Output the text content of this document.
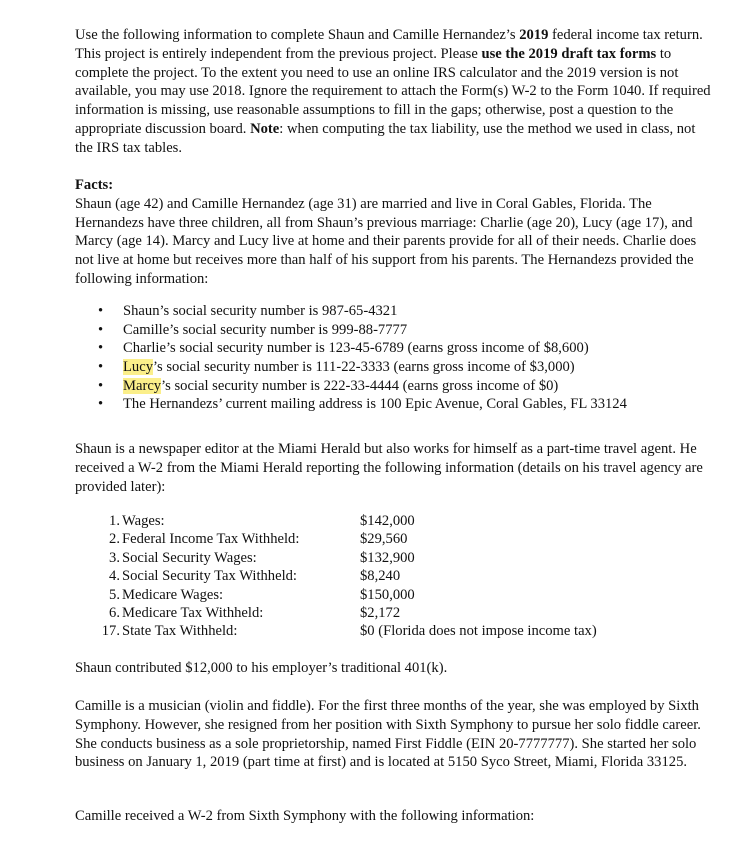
Use the following information to complete Shaun and Camille Hernandez’s 2019 federal income tax return. This project is entirely independent from the previous project. Please use the 2019 draft tax forms to complete the project. To the extent you need to use an online IRS calculator and the 2019 version is not available, you may use 2018. Ignore the requirement to attach the Form(s) W-2 to the Form 1040. If required information is missing, use reasonable assumptions to fill in the gaps; otherwise, post a question to the appropriate discussion board. Note: when computing the tax liability, use the method we used in class, not the IRS tax tables.
Facts:
Shaun (age 42) and Camille Hernandez (age 31) are married and live in Coral Gables, Florida. The Hernandezs have three children, all from Shaun’s previous marriage: Charlie (age 20), Lucy (age 17), and Marcy (age 14). Marcy and Lucy live at home and their parents provide for all of their needs. Charlie does not live at home but receives more than half of his support from his parents. The Hernandezs provided the following information:
• Shaun’s social security number is 987-65-4321
• Camille’s social security number is 999-88-7777
• Charlie’s social security number is 123-45-6789 (earns gross income of $8,600)
• Lucy’s social security number is 111-22-3333 (earns gross income of $3,000)
• Marcy’s social security number is 222-33-4444 (earns gross income of $0)
• The Hernandezs’ current mailing address is 100 Epic Avenue, Coral Gables, FL 33124
Shaun is a newspaper editor at the Miami Herald but also works for himself as a part-time travel agent. He received a W-2 from the Miami Herald reporting the following information (details on his travel agency are provided later):
1. Wages:	$142,000
2. Federal Income Tax Withheld:	$29,560
3. Social Security Wages:	$132,900
4. Social Security Tax Withheld:	$8,240
5. Medicare Wages:	$150,000
6. Medicare Tax Withheld:	$2,172
17. State Tax Withheld:	$0 (Florida does not impose income tax)
Shaun contributed $12,000 to his employer’s traditional 401(k).
Camille is a musician (violin and fiddle). For the first three months of the year, she was employed by Sixth Symphony. However, she resigned from her position with Sixth Symphony to pursue her solo fiddle career. She conducts business as a sole proprietorship, named First Fiddle (EIN 20-7777777). She started her solo business on January 1, 2019 (part time at first) and is located at 5150 Syco Street, Miami, Florida 33125.
Camille received a W-2 from Sixth Symphony with the following information:
